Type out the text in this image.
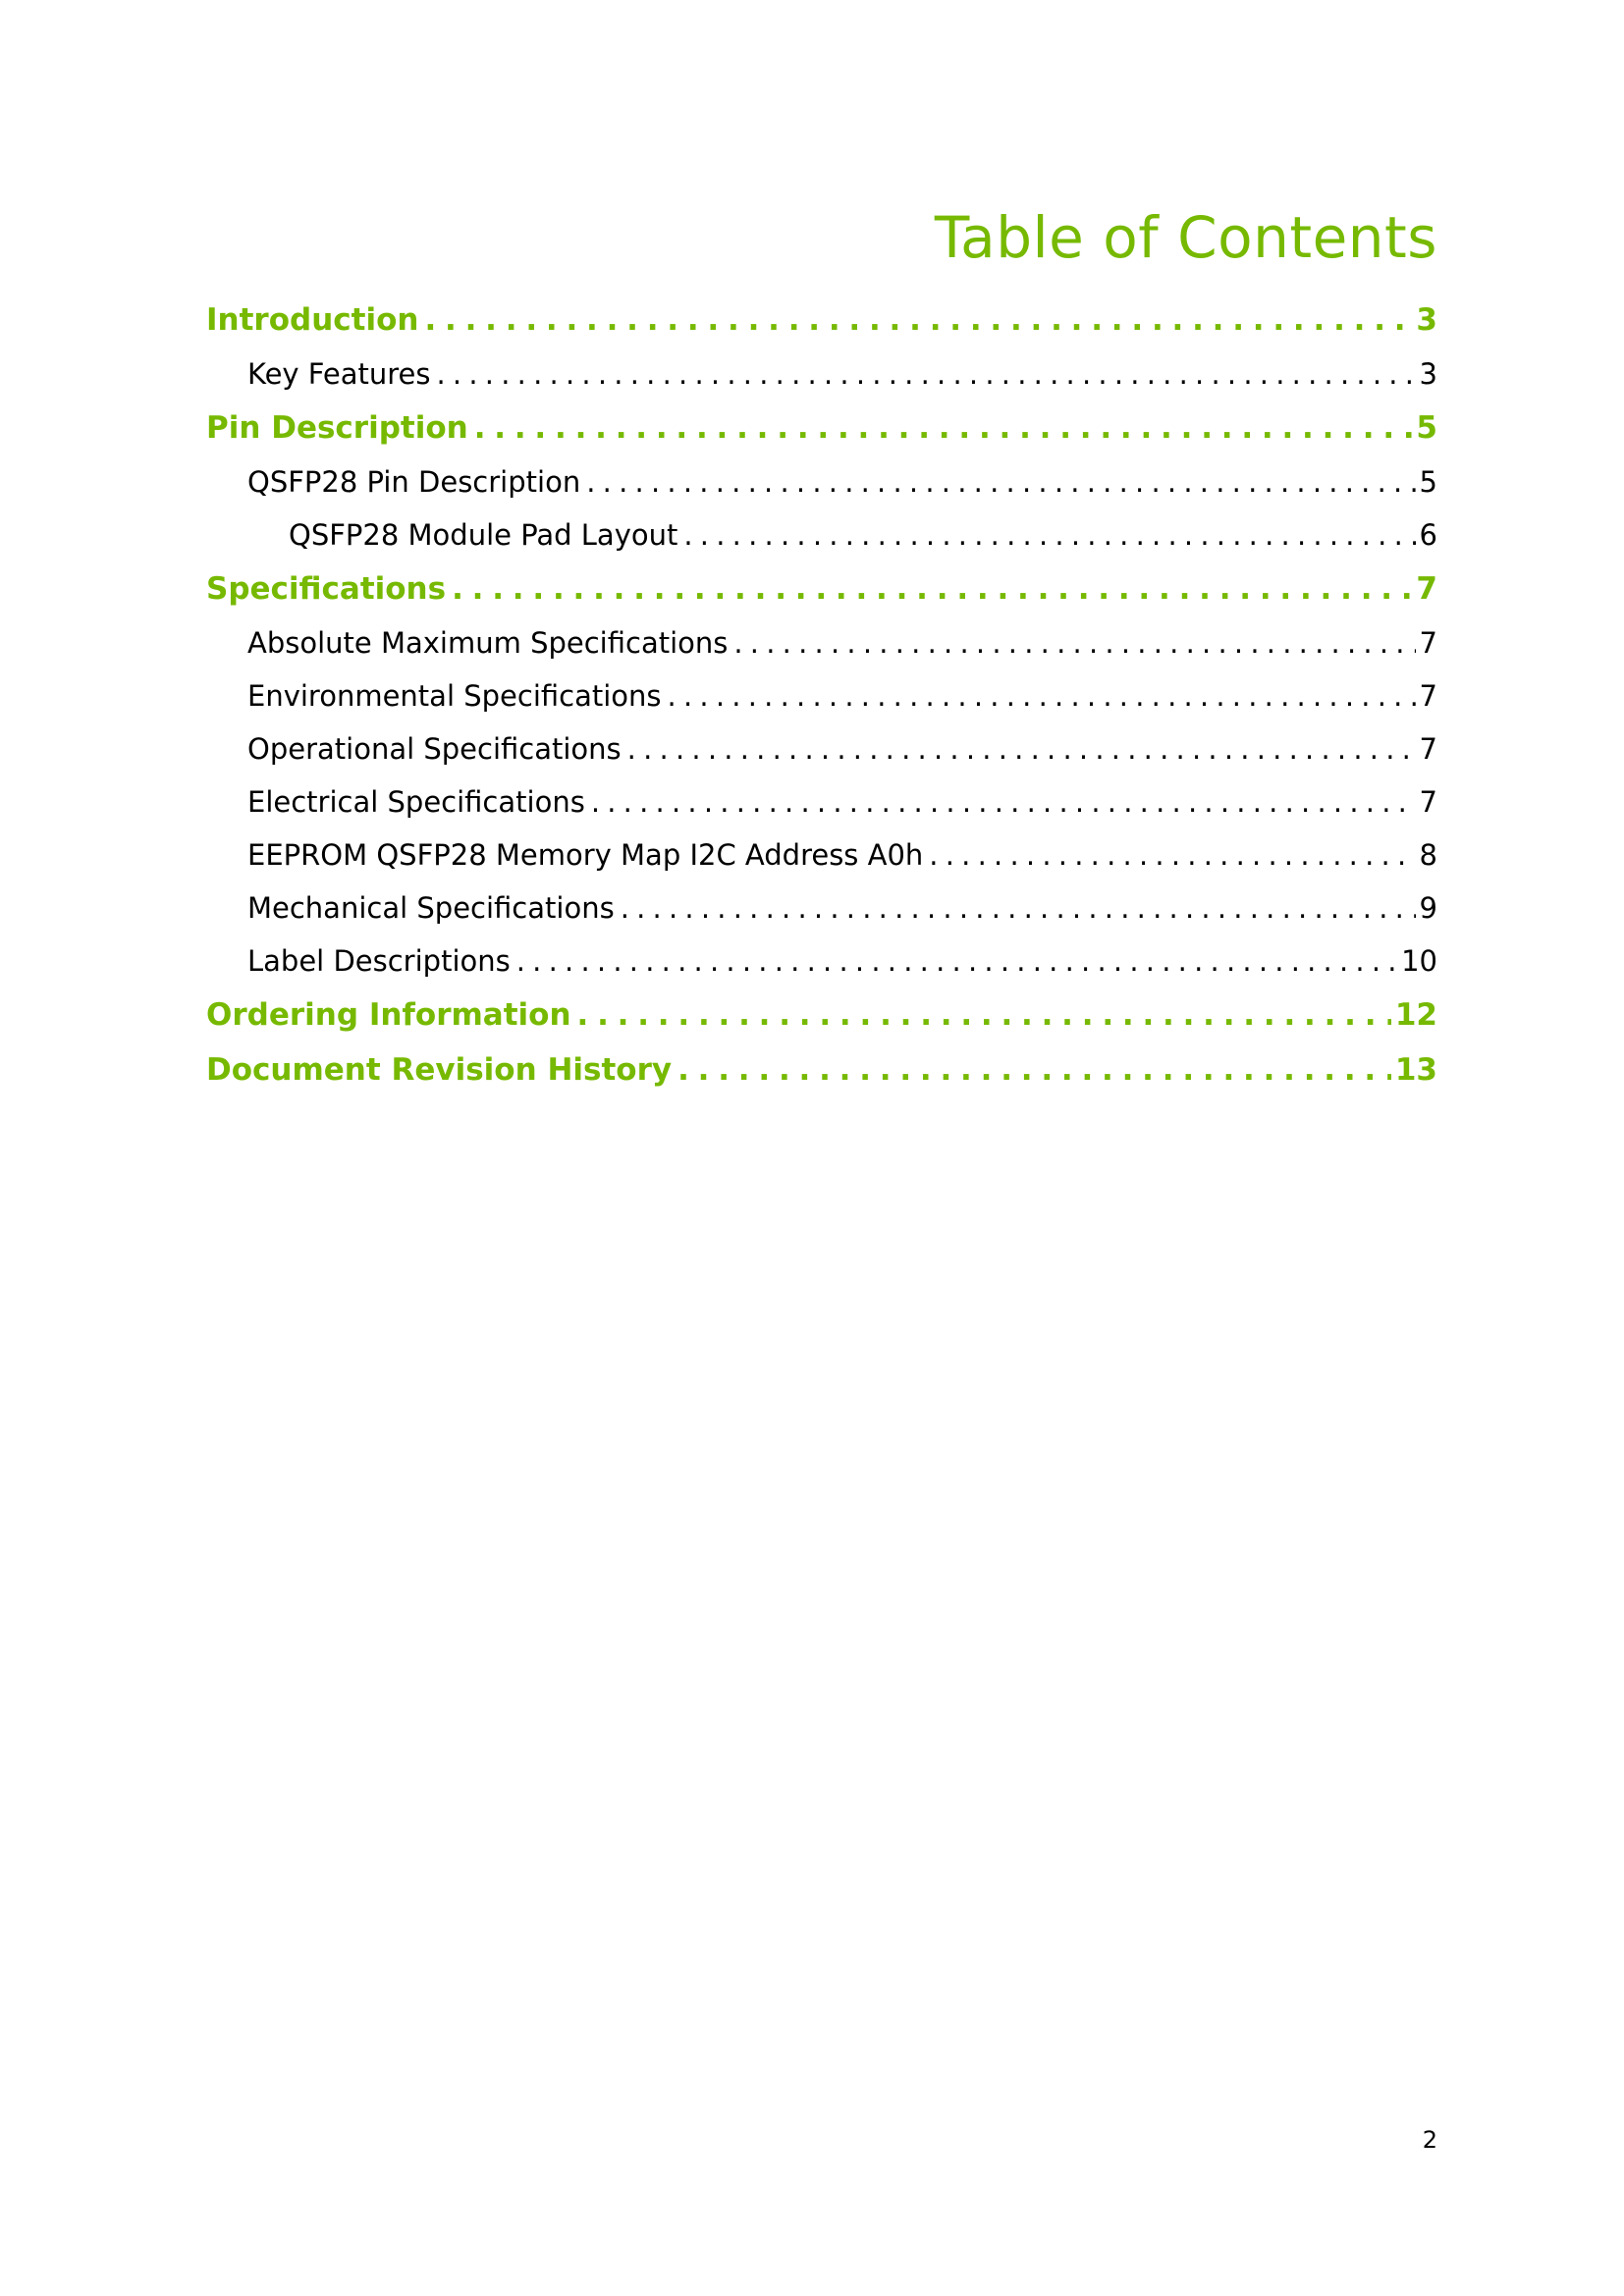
Table of Contents
Introduction . . .	3
Key Features . . .	3
Pin Description . . .	5
QSFP28 Pin Description . . .	5
QSFP28 Module Pad Layout . . .	6
Specifications . . .	7
Absolute Maximum Specifications . . .	7
Environmental Specifications . . .	7
Operational Specifications . . .	7
Electrical Specifications . . .	7
EEPROM QSFP28 Memory Map I2C Address A0h . . .	8
Mechanical Specifications . . .	9
Label Descriptions . . .	10
Ordering Information . . .	12
Document Revision History . . .	13
2
